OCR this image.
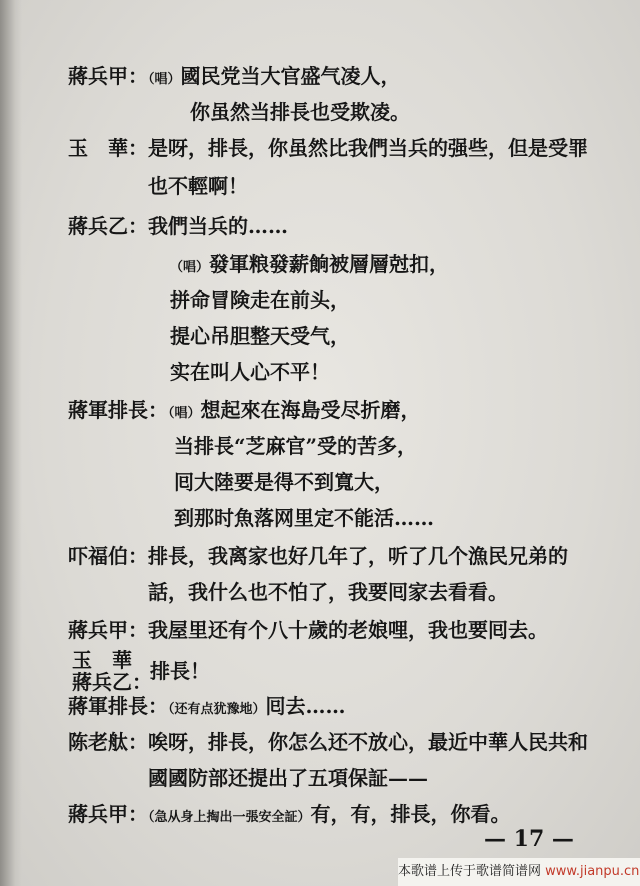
蔣兵甲：（唱）國民党当大官盛气凌人，
你虽然当排長也受欺凌。
玉　華：是呀，排長，你虽然比我們当兵的强些，但是受罪
也不輕啊！
蔣兵乙：我們当兵的……
（唱）發軍粮發薪餉被層層尅扣，
拼命冒険走在前头，
提心吊胆整天受气，
实在叫人心不平！
蔣軍排長：（唱）想起來在海島受尽折磨，
当排長“芝麻官”受的苦多，
囘大陸要是得不到寬大，
到那时魚落网里定不能活……
吓福伯：排長，我离家也好几年了，听了几个漁民兄弟的
話，我什么也不怕了，我要囘家去看看。
蔣兵甲：我屋里还有个八十歲的老娘哩，我也要囘去。
玉　華
蔣兵乙：
排長！
蔣軍排長：（还有点犹豫地）囘去……
陈老舦：唉呀，排長，你怎么还不放心，最近中華人民共和
國國防部还提出了五項保証——
蔣兵甲：（急从身上掏出一張安全証）有，有，排長，你看。
— 17 —
本歌谱上传于歌谱简谱网 www.jianpu.cn
